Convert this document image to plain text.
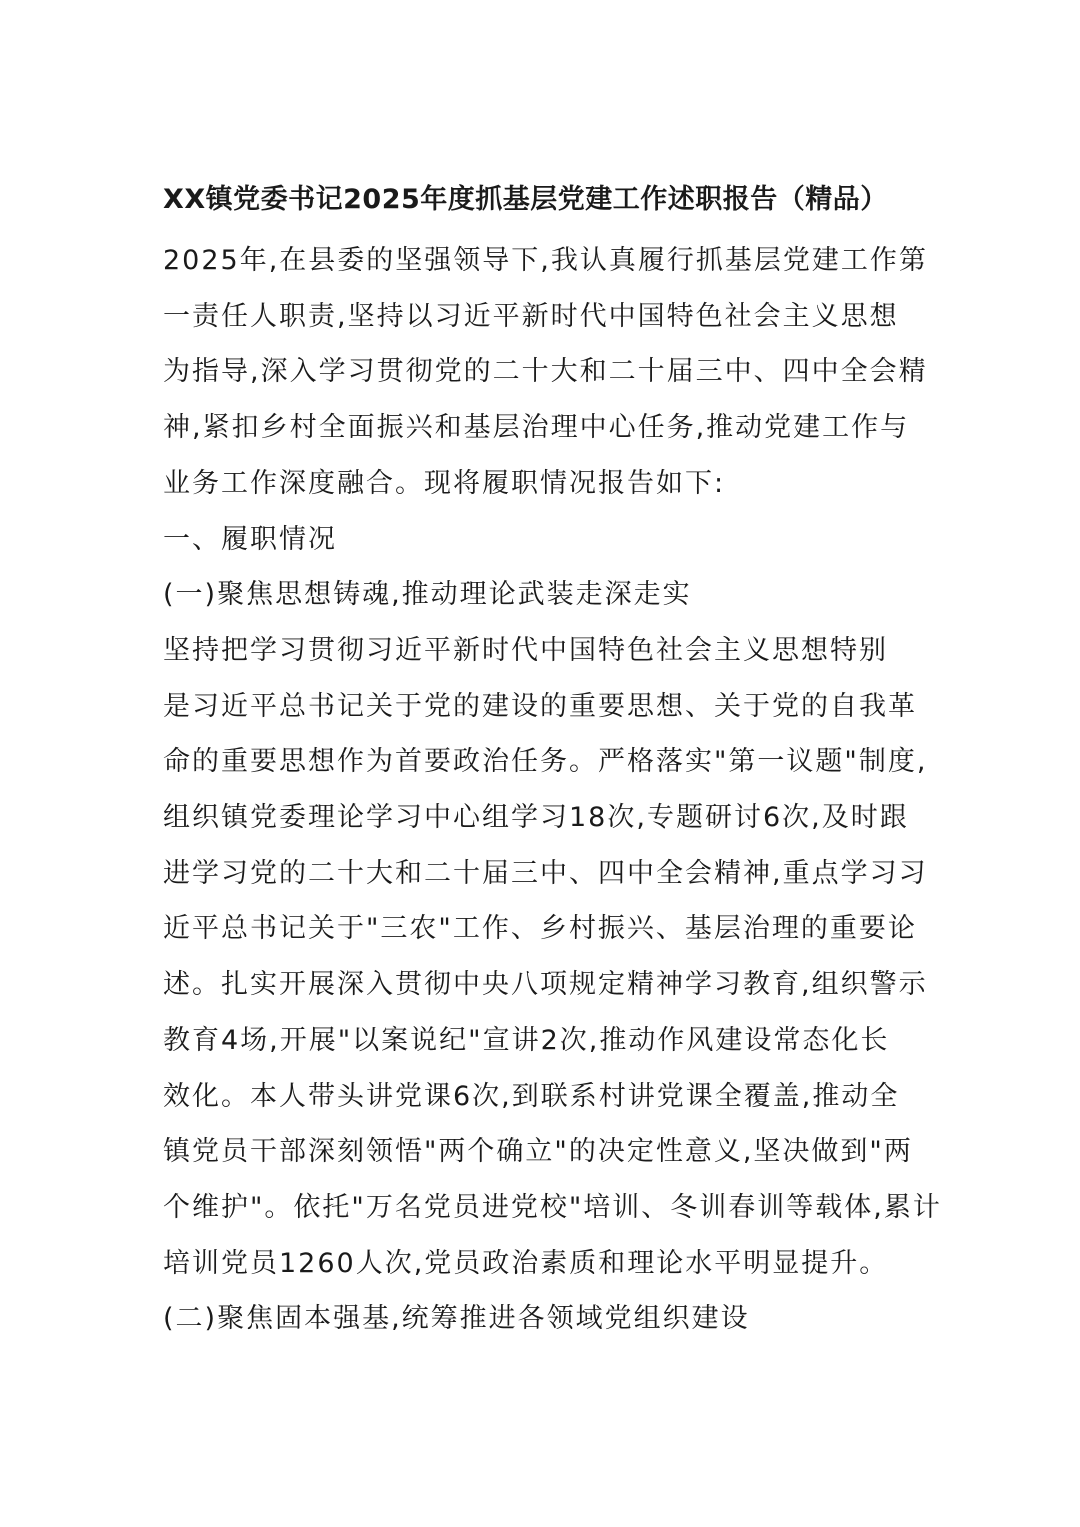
XX镇党委书记2025年度抓基层党建工作述职报告（精品）

2025年,在县委的坚强领导下,我认真履行抓基层党建工作第
一责任人职责,坚持以习近平新时代中国特色社会主义思想
为指导,深入学习贯彻党的二十大和二十届三中、四中全会精
神,紧扣乡村全面振兴和基层治理中心任务,推动党建工作与
业务工作深度融合。现将履职情况报告如下:

一、履职情况

(一)聚焦思想铸魂,推动理论武装走深走实

坚持把学习贯彻习近平新时代中国特色社会主义思想特别
是习近平总书记关于党的建设的重要思想、关于党的自我革
命的重要思想作为首要政治任务。严格落实"第一议题"制度,
组织镇党委理论学习中心组学习18次,专题研讨6次,及时跟
进学习党的二十大和二十届三中、四中全会精神,重点学习习
近平总书记关于"三农"工作、乡村振兴、基层治理的重要论
述。扎实开展深入贯彻中央八项规定精神学习教育,组织警示
教育4场,开展"以案说纪"宣讲2次,推动作风建设常态化长
效化。本人带头讲党课6次,到联系村讲党课全覆盖,推动全
镇党员干部深刻领悟"两个确立"的决定性意义,坚决做到"两
个维护"。依托"万名党员进党校"培训、冬训春训等载体,累计
培训党员1260人次,党员政治素质和理论水平明显提升。

(二)聚焦固本强基,统筹推进各领域党组织建设
